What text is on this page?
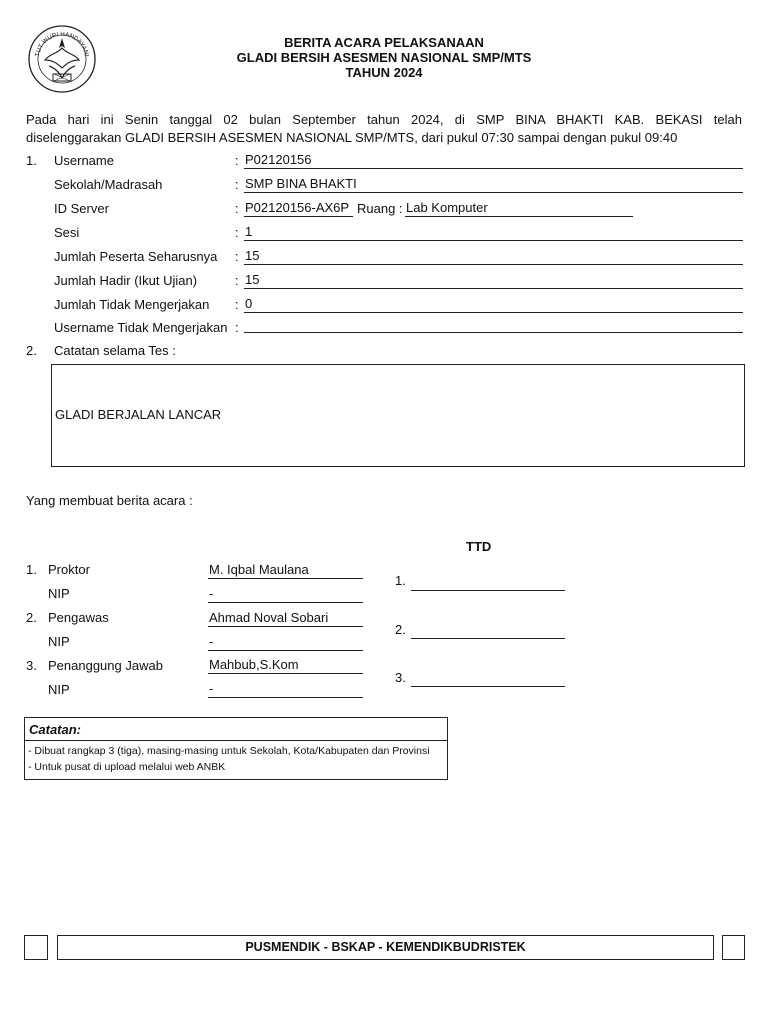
TUT WURI HANDAYANI
BERITA ACARA PELAKSANAAN
GLADI BERSIH ASESMEN NASIONAL SMP/MTS
TAHUN 2024
Pada hari ini Senin tanggal 02 bulan September tahun 2024, di SMP BINA BHAKTI KAB. BEKASI telah
diselenggarakan GLADI BERSIH ASESMEN NASIONAL SMP/MTS, dari pukul 07:30 sampai dengan pukul 09:40
1. Username	: P02120156
Sekolah/Madrasah	: SMP BINA BHAKTI
ID Server	: P02120156-AX6P Ruang : Lab Komputer
Sesi	: 1
Jumlah Peserta Seharusnya : 15
Jumlah Hadir (Ikut Ujian)	: 15
Jumlah Tidak Mengerjakan : 0
Username Tidak Mengerjakan :
2. Catatan selama Tes :
GLADI BERJALAN LANCAR
Yang membuat berita acara :
TTD
1. Proktor	M. Iqbal Maulana
NIP	-
1.
2. Pengawas	Ahmad Noval Sobari
NIP	-
2.
3. Penanggung Jawab	Mahbub,S.Kom
NIP	-
3.
Catatan:
- Dibuat rangkap 3 (tiga), masing-masing untuk Sekolah, Kota/Kabupaten dan Provinsi
- Untuk pusat di upload melalui web ANBK
PUSMENDIK - BSKAP - KEMENDIKBUDRISTEK
